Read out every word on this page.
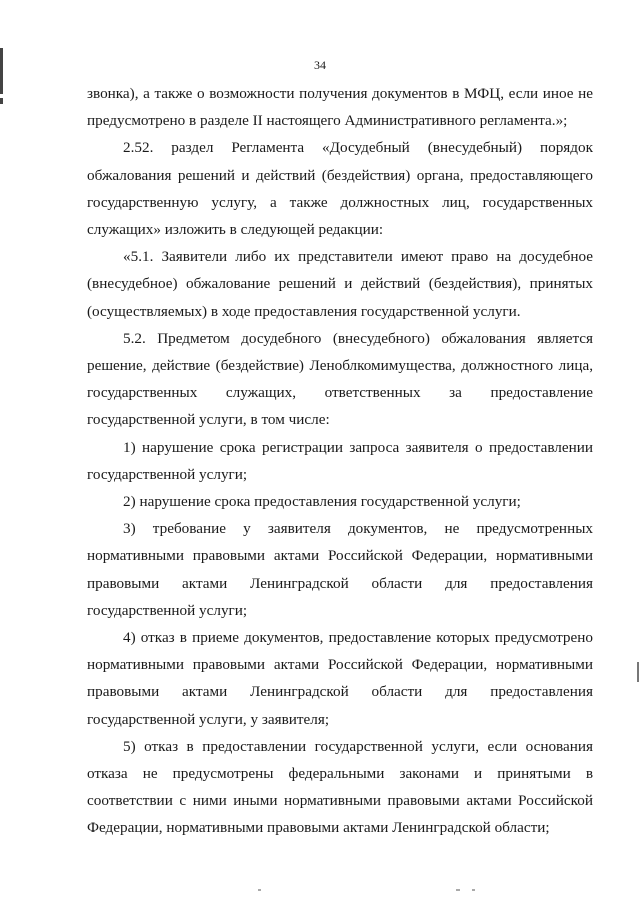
34

звонка), а также о возможности получения документов в МФЦ, если иное не предусмотрено в разделе II настоящего Административного регламента.»;

2.52. раздел Регламента «Досудебный (внесудебный) порядок обжалования решений и действий (бездействия) органа, предоставляющего государственную услугу, а также должностных лиц, государственных служащих» изложить в следующей редакции:

«5.1. Заявители либо их представители имеют право на досудебное (внесудебное) обжалование решений и действий (бездействия), принятых (осуществляемых) в ходе предоставления государственной услуги.

5.2. Предметом досудебного (внесудебного) обжалования является решение, действие (бездействие) Леноблкомимущества, должностного лица, государственных служащих, ответственных за предоставление государственной услуги, в том числе:

1) нарушение срока регистрации запроса заявителя о предоставлении государственной услуги;

2) нарушение срока предоставления государственной услуги;

3) требование у заявителя документов, не предусмотренных нормативными правовыми актами Российской Федерации, нормативными правовыми актами Ленинградской области для предоставления государственной услуги;

4) отказ в приеме документов, предоставление которых предусмотрено нормативными правовыми актами Российской Федерации, нормативными правовыми актами Ленинградской области для предоставления государственной услуги, у заявителя;

5) отказ в предоставлении государственной услуги, если основания отказа не предусмотрены федеральными законами и принятыми в соответствии с ними иными нормативными правовыми актами Российской Федерации, нормативными правовыми актами Ленинградской области;
